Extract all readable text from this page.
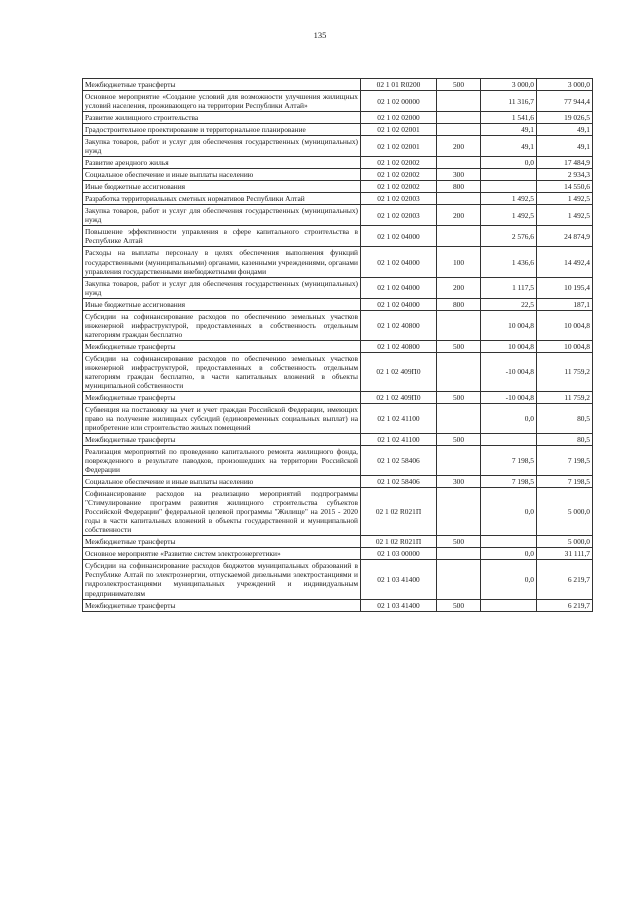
135
Межбюджетные трансферты	02 1 01 R0200	500	3 000,0	3 000,0
Основное мероприятие «Создание условий для возможности улучшения жилищных условий населения, проживающего на территории Республики Алтай»	02 1 02 00000		11 316,7	77 944,4
Развитие жилищного строительства	02 1 02 02000		1 541,6	19 026,5
Градостроительное проектирование и территориальное планирование	02 1 02 02001		49,1	49,1
Закупка товаров, работ и услуг для обеспечения государственных (муниципальных) нужд	02 1 02 02001	200	49,1	49,1
Развитие арендного жилья	02 1 02 02002		0,0	17 484,9
Социальное обеспечение и иные выплаты населению	02 1 02 02002	300		2 934,3
Иные бюджетные ассигнования	02 1 02 02002	800		14 550,6
Разработка территориальных сметных нормативов Республики Алтай	02 1 02 02003		1 492,5	1 492,5
Закупка товаров, работ и услуг для обеспечения государственных (муниципальных) нужд	02 1 02 02003	200	1 492,5	1 492,5
Повышение эффективности управления в сфере капитального строительства в Республике Алтай	02 1 02 04000		2 576,6	24 874,9
Расходы на выплаты персоналу в целях обеспечения выполнения функций государственными (муниципальными) органами, казенными учреждениями, органами управления государственными внебюджетными фондами	02 1 02 04000	100	1 436,6	14 492,4
Закупка товаров, работ и услуг для обеспечения государственных (муниципальных) нужд	02 1 02 04000	200	1 117,5	10 195,4
Иные бюджетные ассигнования	02 1 02 04000	800	22,5	187,1
Субсидии на софинансирование расходов по обеспечению земельных участков инженерной инфраструктурой, предоставленных в собственность отдельным категориям граждан бесплатно	02 1 02 40800		10 004,8	10 004,8
Межбюджетные трансферты	02 1 02 40800	500	10 004,8	10 004,8
Субсидии на софинансирование расходов по обеспечению земельных участков инженерной инфраструктурой, предоставленных в собственность отдельным категориям граждан бесплатно, в части капитальных вложений в объекты муниципальной собственности	02 1 02 409П0		-10 004,8	11 759,2
Межбюджетные трансферты	02 1 02 409П0	500	-10 004,8	11 759,2
Субвенция на постановку на учет и учет граждан Российской Федерации, имеющих право на получение жилищных субсидий (единовременных социальных выплат) на приобретение или строительство жилых помещений	02 1 02 41100		0,0	80,5
Межбюджетные трансферты	02 1 02 41100	500		80,5
Реализация мероприятий по проведению капитального ремонта жилищного фонда, поврежденного в результате паводков, произошедших на территории Российской Федерации	02 1 02 58406		7 198,5	7 198,5
Социальное обеспечение и иные выплаты населению	02 1 02 58406	300	7 198,5	7 198,5
Софинансирование расходов на реализацию мероприятий подпрограммы "Стимулирование программ развития жилищного строительства субъектов Российской Федерации" федеральной целевой программы "Жилище" на 2015 - 2020 годы в части капитальных вложений в объекты государственной и муниципальной собственности	02 1 02 R021П		0,0	5 000,0
Межбюджетные трансферты	02 1 02 R021П	500		5 000,0
Основное мероприятие «Развитие систем электроэнергетики»	02 1 03 00000		0,0	31 111,7
Субсидии на софинансирование расходов бюджетов муниципальных образований в Республике Алтай по электроэнергии, отпускаемой дизельными электростанциями и гидроэлектростанциями муниципальных учреждений и индивидуальным предпринимателям	02 1 03 41400		0,0	6 219,7
Межбюджетные трансферты	02 1 03 41400	500		6 219,7
